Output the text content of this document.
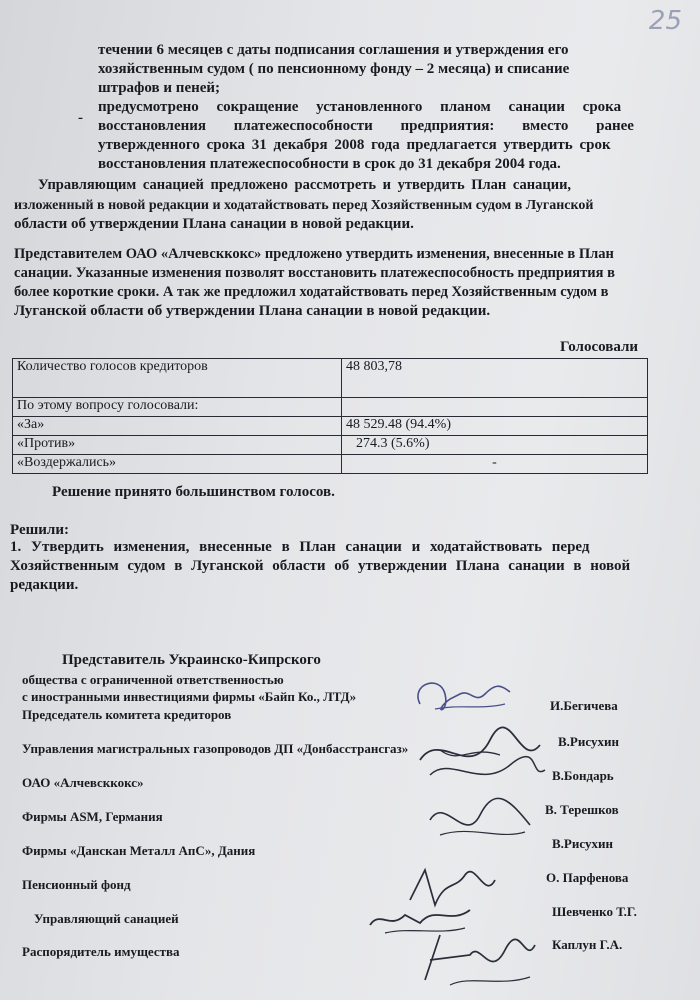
25
течении 6 месяцев с даты подписания соглашения и утверждения его
хозяйственным судом ( по пенсионному фонду – 2 месяца) и списание
штрафов и пеней;
-
предусмотрено сокращение установленного планом санации срока
восстановления платежеспособности предприятия: вместо ранее
утвержденного срока 31 декабря 2008 года предлагается утвердить срок
восстановления платежеспособности в срок до 31 декабря 2004 года.
Управляющим санацией предложено рассмотреть и утвердить План санации,
изложенный в новой редакции и ходатайствовать перед Хозяйственным судом в Луганской
области об утверждении Плана санации в новой редакции.
Представителем ОАО «Алчевсккокс» предложено утвердить изменения, внесенные в План
санации. Указанные изменения позволят восстановить платежеспособность предприятия в
более короткие сроки. А так же предложил ходатайствовать перед Хозяйственным судом в
Луганской области об утверждении Плана санации в новой редакции.
Голосовали
Количество голосов кредиторов	48 803,78
По этому вопросу голосовали:	
«За»	48 529.48 (94.4%)
«Против»	274.3 (5.6%)
«Воздержались»	-
Решение принято большинством голосов.
Решили:
1. Утвердить изменения, внесенные в План санации и ходатайствовать перед
Хозяйственным судом в Луганской области об утверждении Плана санации в новой
редакции.
Представитель Украинско-Кипрского
общества с ограниченной ответственностью
с иностранными инвестициями фирмы «Байп Ко., ЛТД»
Председатель комитета кредиторов
И.Бегичева
Управления магистральных газопроводов ДП «Донбасстрансгаз»	В.Рисухин
ОАО «Алчевсккокс»	В.Бондарь
Фирмы ASM, Германия	В. Терешков
Фирмы «Данскан Металл АпС», Дания	В.Рисухин
Пенсионный фонд	О. Парфенова
Управляющий санацией	Шевченко Т.Г.
Распорядитель имущества	Каплун Г.А.
